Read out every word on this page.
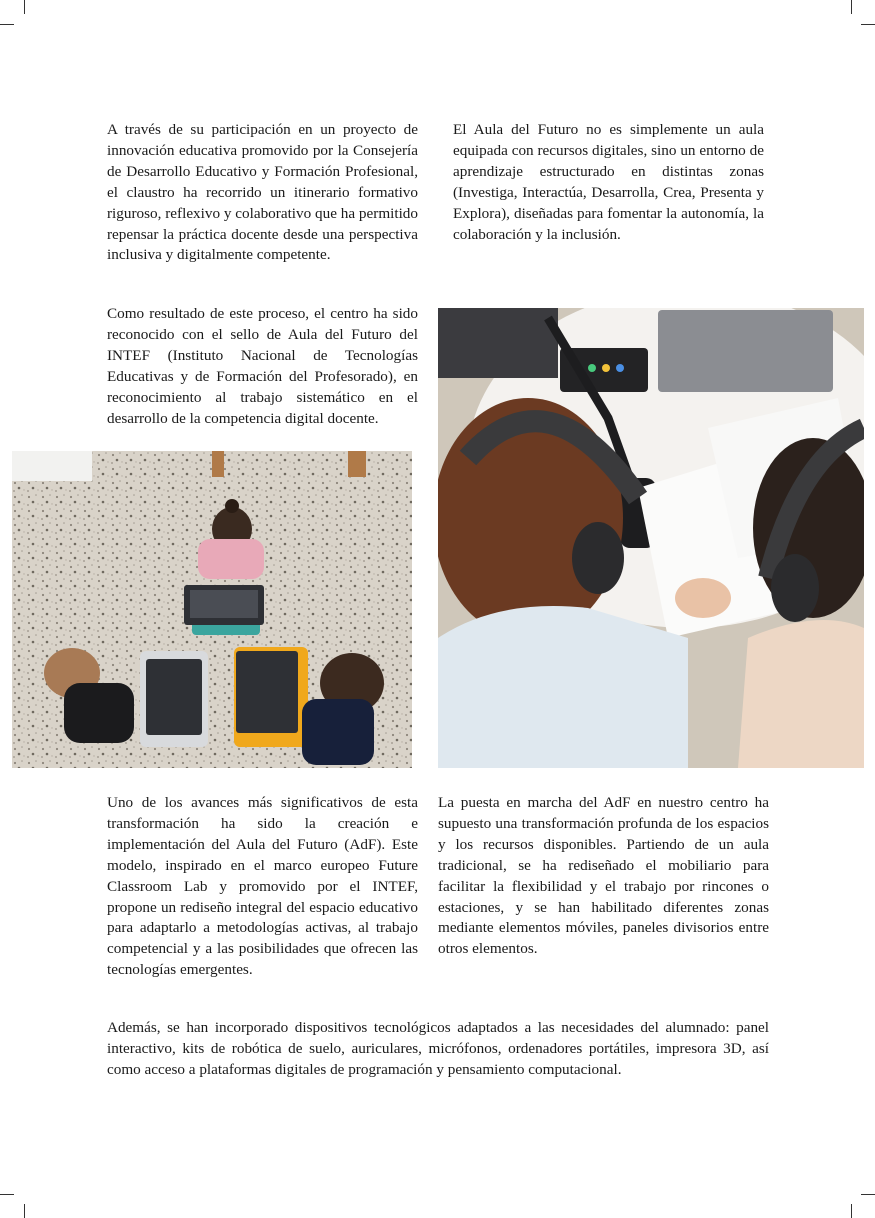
A través de su participación en un proyecto de innovación educativa promovido por la Consejería de Desarrollo Educativo y Formación Profesional, el claustro ha recorrido un itinerario formativo riguroso, reflexivo y colaborativo que ha permitido repensar la práctica docente desde una perspectiva inclusiva y digitalmente competente.

El Aula del Futuro no es simplemente un aula equipada con recursos digitales, sino un entorno de aprendizaje estructurado en distintas zonas (Investiga, Interactúa, Desarrolla, Crea, Presenta y Explora), diseñadas para fomentar la autonomía, la colaboración y la inclusión.

Como resultado de este proceso, el centro ha sido reconocido con el sello de Aula del Futuro del INTEF (Instituto Nacional de Tecnologías Educativas y de Formación del Profesorado), en reconocimiento al trabajo sistemático en el desarrollo de la competencia digital docente.

Uno de los avances más significativos de esta transformación ha sido la creación e implementación del Aula del Futuro (AdF). Este modelo, inspirado en el marco europeo Future Classroom Lab y promovido por el INTEF, propone un rediseño integral del espacio educativo para adaptarlo a metodologías activas, al trabajo competencial y a las posibilidades que ofrecen las tecnologías emergentes.

La puesta en marcha del AdF en nuestro centro ha supuesto una transformación profunda de los espacios y los recursos disponibles. Partiendo de un aula tradicional, se ha rediseñado el mobiliario para facilitar la flexibilidad y el trabajo por rincones o estaciones, y se han habilitado diferentes zonas mediante elementos móviles, paneles divisorios entre otros elementos.

Además, se han incorporado dispositivos tecnológicos adaptados a las necesidades del alumnado: panel interactivo, kits de robótica de suelo, auriculares, micrófonos, ordenadores portátiles, impresora 3D, así como acceso a plataformas digitales de programación y pensamiento computacional.
